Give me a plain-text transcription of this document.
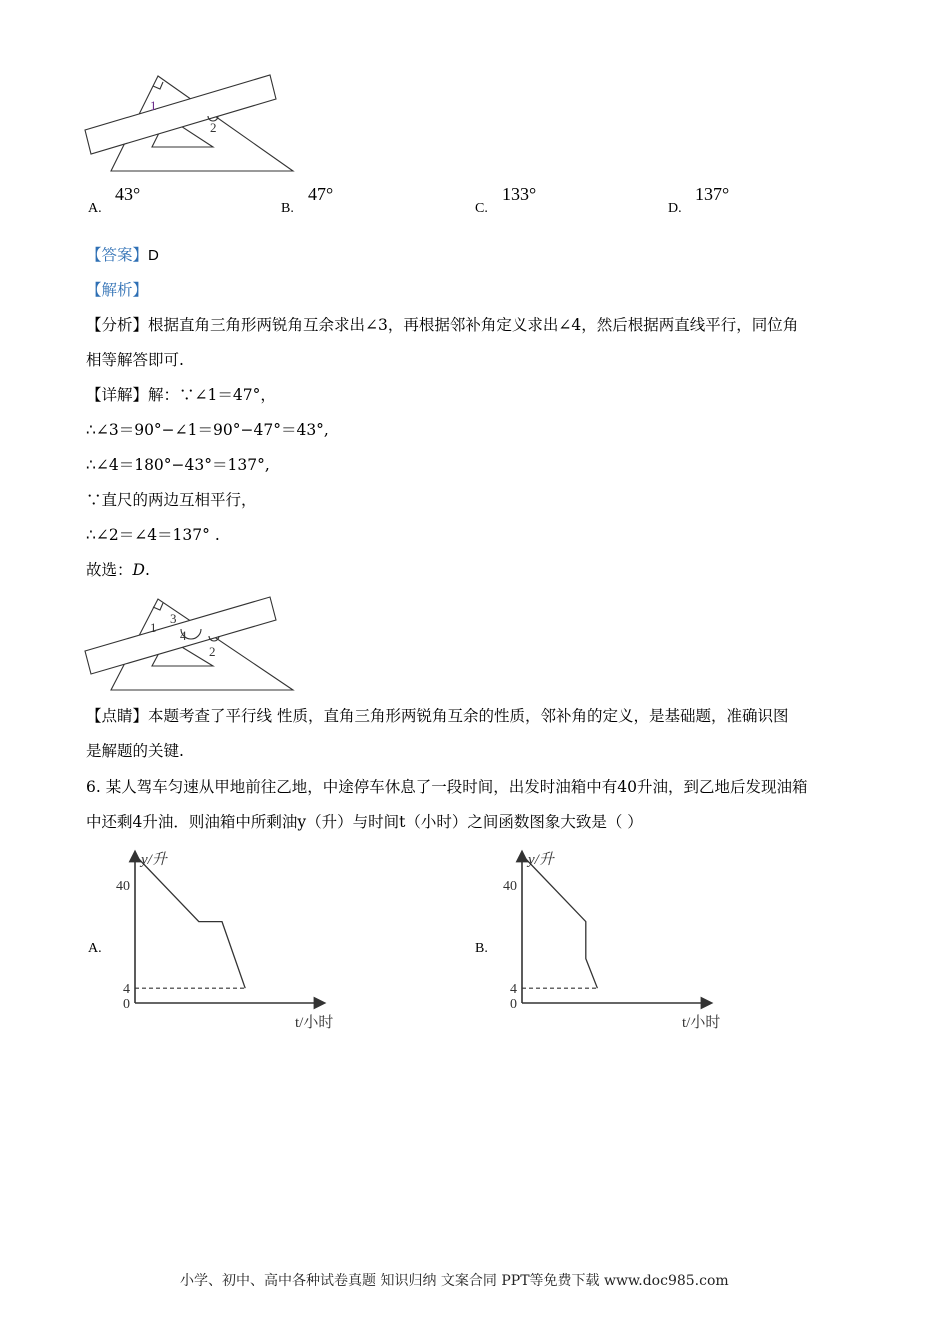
1
2
A.
43°
B.
47°
C.
133°
D.
137°
【答案】D
【解析】
【分析】根据直角三角形两锐角互余求出∠3，再根据邻补角定义求出∠4，然后根据两直线平行，同位角
相等解答即可.
【详解】解：∵∠1＝47°，
∴∠3＝90°−∠1＝90°−47°＝43°,
∴∠4＝180°−43°＝137°,
∵直尺的两边互相平行，
∴∠2＝∠4＝137° .
故选：D.
1
3
4
2
【点睛】本题考查了平行线 性质，直角三角形两锐角互余的性质，邻补角的定义，是基础题，准确识图
是解题的关键.
6. 某人驾车匀速从甲地前往乙地，中途停车休息了一段时间，出发时油箱中有40升油，到乙地后发现油箱
中还剩4升油．则油箱中所剩油y（升）与时间t（小时）之间函数图象大致是（ ）
A.	B.
y/升
t/小时
40
4
0
y/升
t/小时
40
4
0
小学、初中、高中各种试卷真题 知识归纳 文案合同 PPT等免费下载 www.doc985.com
